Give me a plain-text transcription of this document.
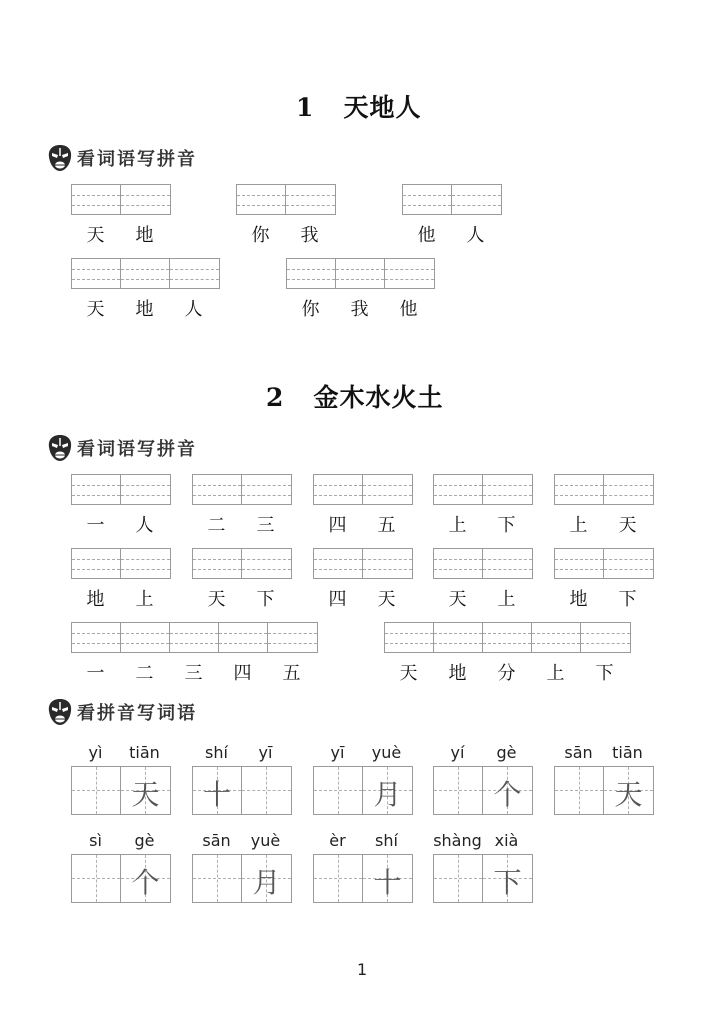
1   天地人
看词语写拼音
天	地	你	我	他	人
天	地	人	你	我	他
2   金木水火土
看词语写拼音
一	人	二	三	四	五	上	下	上	天
地	上	天	下	四	天	天	上	地	下
一	二	三	四	五	天	地	分	上	下
看拼音写词语
yì	tiān
天
shí	yī
十
yī	yuè
月
yí	gè
个
sān	tiān
天
sì	gè
个
sān	yuè
月
èr	shí
十
shàng xià
下
1
